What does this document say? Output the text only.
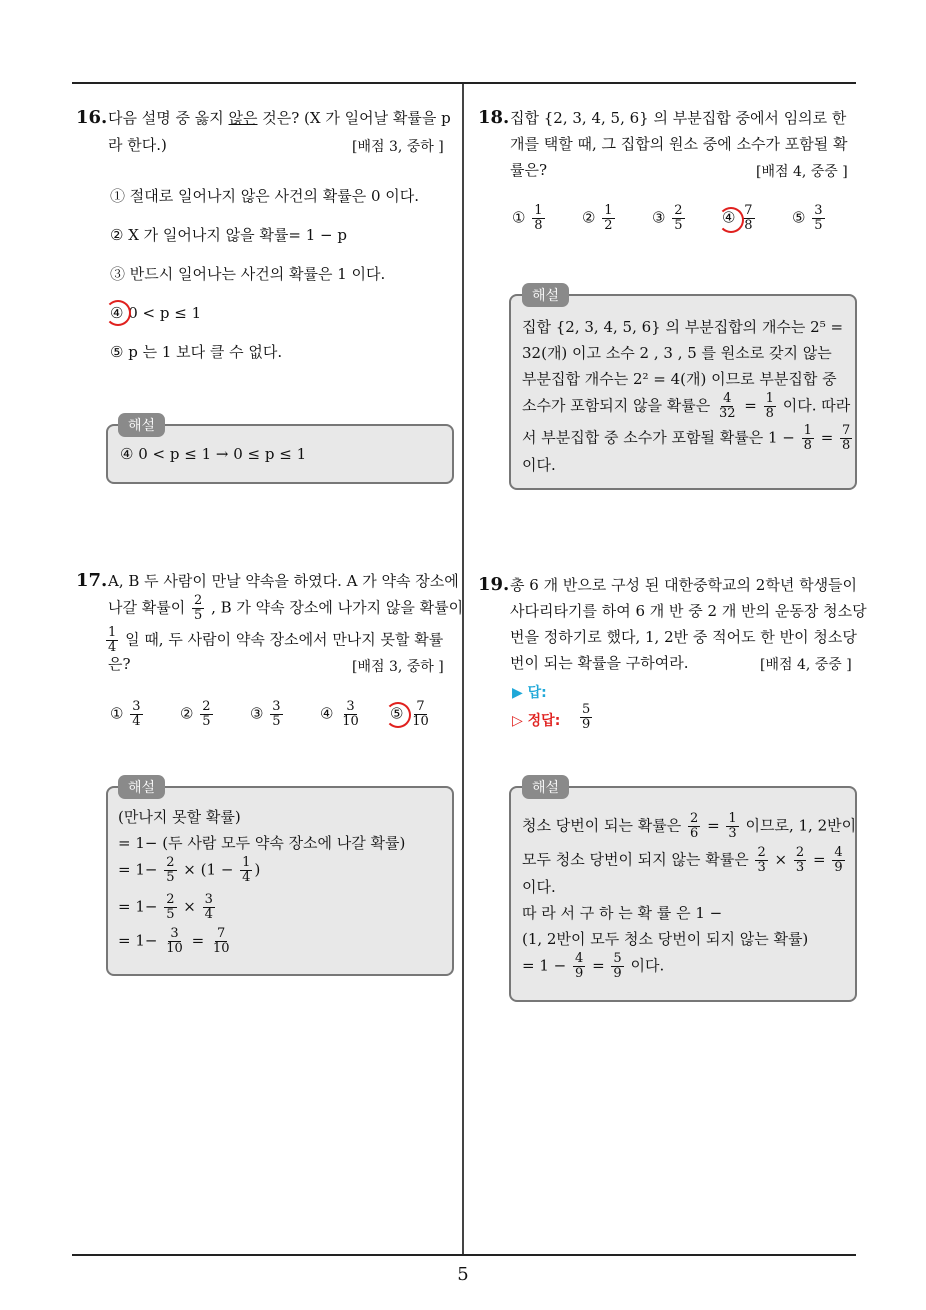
5
16. 다음 설명 중 옳지 않은 것은? (X 가 일어날 확률을 p
라 한다.)	[배점 3, 중하 ]
① 절대로 일어나지 않은 사건의 확률은 0 이다.
② X 가 일어나지 않을 확률= 1 − p
③ 반드시 일어나는 사건의 확률은 1 이다.
④ 0 < p ≤ 1
⑤ p 는 1 보다 클 수 없다.
해설
④ 0 < p ≤ 1 → 0 ≤ p ≤ 1
18. 집합 {2, 3, 4, 5, 6} 의 부분집합 중에서 임의로 한
개를 택할 때, 그 집합의 원소 중에 소수가 포함될 확
률은?	[배점 4, 중중 ]
① $\frac{1}{8}$ ② $\frac{1}{2}$ ③ $\frac{2}{5}$ ④ $\frac{7}{8}$ ⑤ $\frac{3}{5}$
해설
집합 {2, 3, 4, 5, 6} 의 부분집합의 개수는 2⁵ =
32(개) 이고 소수 2 , 3 , 5 를 원소로 갖지 않는
부분집합 개수는 2² = 4(개) 이므로 부분집합 중
소수가 포함되지 않을 확률은 $\frac{4}{32} = \frac{1}{8}$ 이다. 따라
서 부분집합 중 소수가 포함될 확률은 $1 - \frac{1}{8} = \frac{7}{8}$
이다.
17. A, B 두 사람이 만날 약속을 하였다. A 가 약속 장소에
나갈 확률이 $\frac{2}{5}$ , B 가 약속 장소에 나가지 않을 확률이
$\frac{1}{4}$ 일 때, 두 사람이 약속 장소에서 만나지 못할 확률
은?	[배점 3, 중하 ]
① $\frac{3}{4}$ ② $\frac{2}{5}$ ③ $\frac{3}{5}$ ④ $\frac{3}{10}$ ⑤ $\frac{7}{10}$
해설
(만나지 못할 확률)
= 1− (두 사람 모두 약속 장소에 나갈 확률)
= $1- \frac{2}{5} \times (1 - \frac{1}{4}$ )
= $1- \frac{2}{5} \times \frac{3}{4}$
= $1- \frac{3}{10} = \frac{7}{10}$
19. 총 6 개 반으로 구성 된 대한중학교의 2학년 학생들이
사다리타기를 하여 6 개 반 중 2 개 반의 운동장 청소당
번을 정하기로 했다, 1, 2반 중 적어도 한 반이 청소당
번이 되는 확률을 구하여라.	[배점 4, 중중 ]
▶ 답:
▷ 정답: $\frac{5}{9}$
해설
청소 당번이 되는 확률은 $\frac{2}{6} = \frac{1}{3}$ 이므로, 1, 2반이
모두 청소 당번이 되지 않는 확률은 $\frac{2}{3} \times \frac{2}{3} = \frac{4}{9}$
이다.
따 라 서 구 하 는 확 률 은 1 −
(1, 2반이 모두 청소 당번이 되지 않는 확률)
= $1 - \frac{4}{9} = \frac{5}{9}$ 이다.
